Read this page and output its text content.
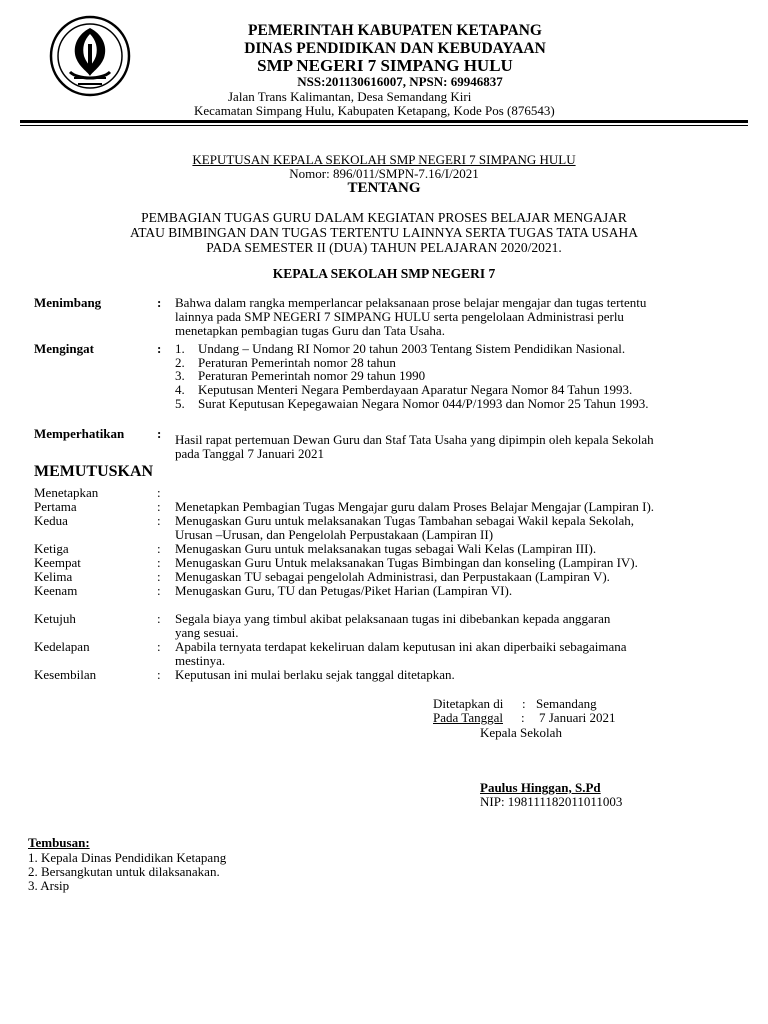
PEMERINTAH KABUPATEN KETAPANG
DINAS PENDIDIKAN DAN KEBUDAYAAN
SMP NEGERI 7 SIMPANG HULU
NSS:201130616007, NPSN: 69946837
Jalan Trans Kalimantan, Desa Semandang Kiri
Kecamatan Simpang Hulu, Kabupaten Ketapang, Kode Pos (876543)
KEPUTUSAN KEPALA SEKOLAH SMP NEGERI 7 SIMPANG HULU
Nomor: 896/011/SMPN-7.16/I/2021
TENTANG
PEMBAGIAN TUGAS GURU DALAM KEGIATAN PROSES BELAJAR MENGAJAR
ATAU BIMBINGAN DAN TUGAS TERTENTU LAINNYA SERTA TUGAS TATA USAHA
PADA SEMESTER II (DUA) TAHUN PELAJARAN 2020/2021.
KEPALA SEKOLAH SMP NEGERI 7
Menimbang	: Bahwa dalam rangka memperlancar pelaksanaan prose belajar mengajar dan tugas tertentu
lainnya pada SMP NEGERI 7 SIMPANG HULU serta pengelolaan Administrasi perlu
menetapkan pembagian tugas Guru dan Tata Usaha.
Mengingat	: 1. Undang – Undang RI Nomor 20 tahun 2003 Tentang Sistem Pendidikan Nasional.
2. Peraturan Pemerintah nomor 28 tahun
3. Peraturan Pemerintah nomor 29 tahun 1990
4. Keputusan Menteri Negara Pemberdayaan Aparatur Negara Nomor 84 Tahun 1993.
5. Surat Keputusan Kepegawaian Negara Nomor 044/P/1993 dan Nomor 25 Tahun 1993.
Memperhatikan	: Hasil rapat pertemuan Dewan Guru dan Staf Tata Usaha yang dipimpin oleh kepala Sekolah
pada Tanggal 7 Januari 2021
MEMUTUSKAN
Menetapkan	:
Pertama	: Menetapkan Pembagian Tugas Mengajar guru dalam Proses Belajar Mengajar (Lampiran I).
Kedua	: Menugaskan Guru untuk melaksanakan Tugas Tambahan sebagai Wakil kepala Sekolah,
Urusan –Urusan, dan Pengelolah Perpustakaan (Lampiran II)
Ketiga	: Menugaskan Guru untuk melaksanakan tugas sebagai Wali Kelas (Lampiran III).
Keempat	: Menugaskan Guru Untuk melaksanakan Tugas Bimbingan dan konseling (Lampiran IV).
Kelima	: Menugaskan TU sebagai pengelolah Administrasi, dan Perpustakaan (Lampiran V).
Keenam	: Menugaskan Guru, TU dan Petugas/Piket Harian (Lampiran VI).
Ketujuh	: Segala biaya yang timbul akibat pelaksanaan tugas ini dibebankan kepada anggaran
yang sesuai.
Kedelapan	: Apabila ternyata terdapat kekeliruan dalam keputusan ini akan diperbaiki sebagaimana
mestinya.
Kesembilan	: Keputusan ini mulai berlaku sejak tanggal ditetapkan.
Ditetapkan di : Semandang
Pada Tanggal : 7 Januari 2021
Kepala Sekolah
Paulus Hinggan, S.Pd
NIP: 198111182011011003
Tembusan:
1. Kepala Dinas Pendidikan Ketapang
2. Bersangkutan untuk dilaksanakan.
3. Arsip
